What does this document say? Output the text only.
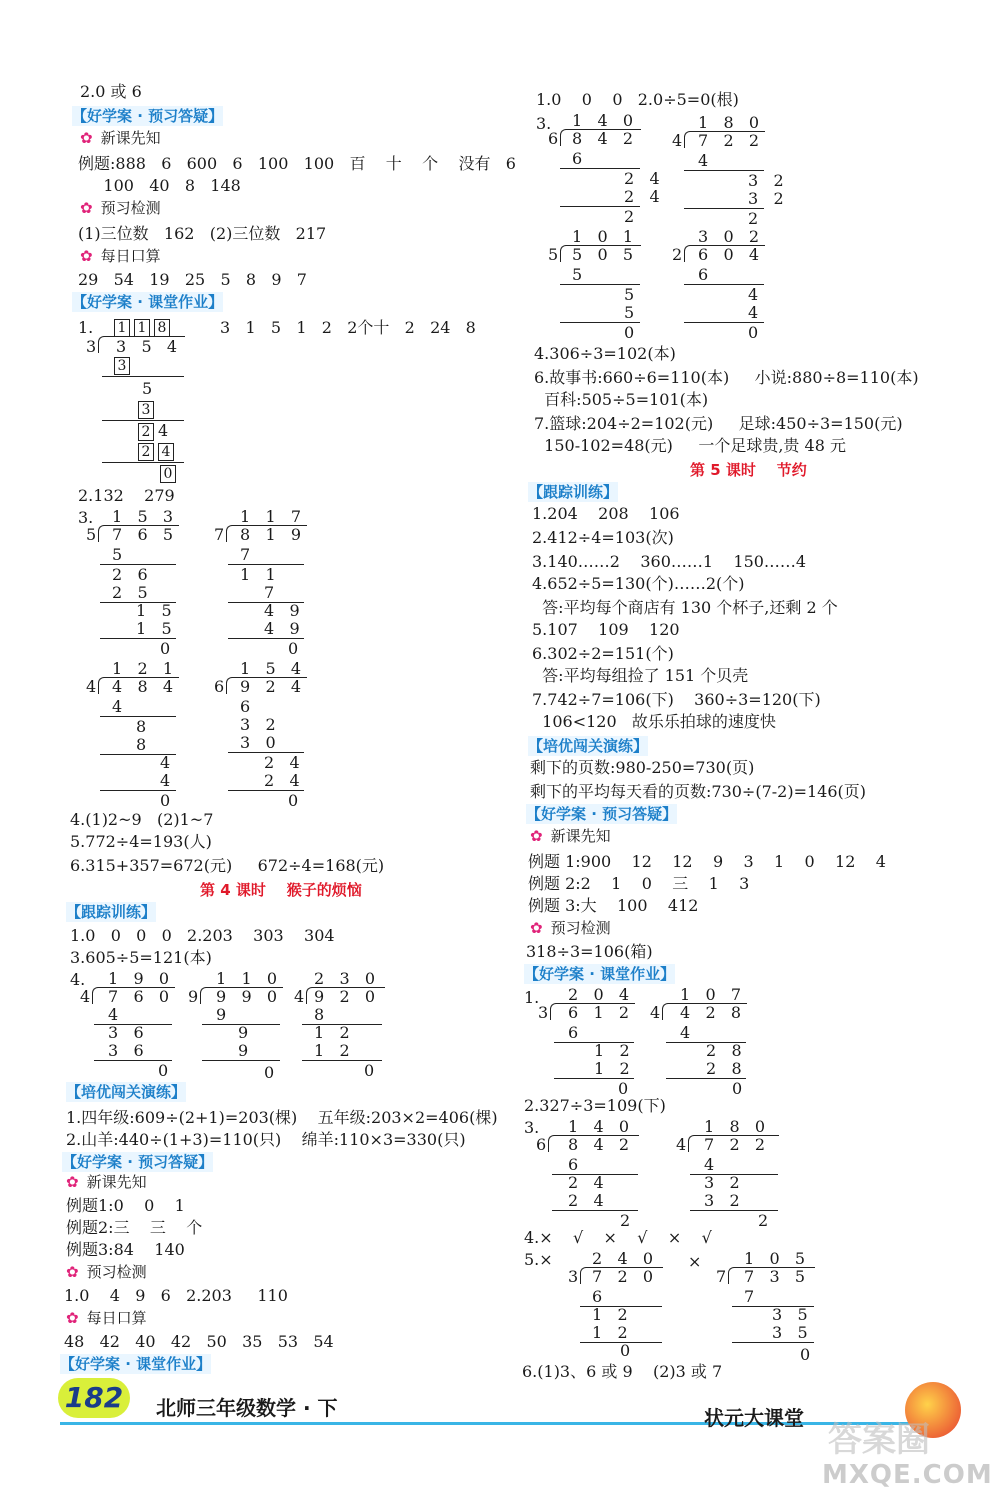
2.0 或 6
【好学案 · 预习答疑】
✿ 新课先知
例题:888   6   600   6   100   100   百    十    个    没有   6
100   40   8   148
✿ 预习检测
(1)三位数   162   (2)三位数   217
✿ 每日口算
29   54   19   25   5   8   9   7
【好学案 · 课堂作业】
1.	3   1   5   1   2   2个十   2   24   8
1 1 8
3 3   5   4
3
5
3
2 4
2 4
0
2.132    279
3. 1   5   3
5 7   6   5
5
2   6
2   5
1   5
1   5
0
1   1   7
7 8   1   9
7
1   1
7
4   9
4   9
0
1   2   1
4 4   8   4
4
8
8
4
4
0
1   5   4
6 9   2   4
6
3   2
3   0
2   4
2   4
0
4.(1)2~9   (2)1~7
5.772÷4=193(人)
6.315+357=672(元)     672÷4=168(元)
第 4 课时    猴子的烦恼
【跟踪训练】
1.0   0   0   0   2.203    303    304
3.605÷5=121(本)
4. 1   9   0
4 7   6   0
4
3   6
3   6
0
1   1   0
9 9   9   0
9
9
9
0
2   3   0
4 9   2   0
8
1   2
1   2
0
【培优闯关演练】
1.四年级:609÷(2+1)=203(棵)    五年级:203×2=406(棵)
2.山羊:440÷(1+3)=110(只)    绵羊:110×3=330(只)
【好学案 · 预习答疑】
✿ 新课先知
例题1:0    0    1
例题2:三    三    个
例题3:84    140
✿ 预习检测
1.0    4   9   6   2.203     110
✿ 每日口算
48   42   40   42   50   35   53   54
【好学案 · 课堂作业】
1.0    0    0   2.0÷5=0(根)
3. 1   4   0
6 8   4   2
6
2   4
2   4
2
1   8   0
4 7   2   2
4
3   2
3   2
2
1   0   1
5 5   0   5
5
5
5
0
3   0   2
2 6   0   4
6
4
4
0
4.306÷3=102(本)
6.故事书:660÷6=110(本)     小说:880÷8=110(本)
百科:505÷5=101(本)
7.篮球:204÷2=102(元)     足球:450÷3=150(元)
150-102=48(元)     一个足球贵,贵 48 元
第 5 课时    节约
【跟踪训练】
1.204    208    106
2.412÷4=103(次)
3.140……2    360……1    150……4
4.652÷5=130(个)……2(个)
答:平均每个商店有 130 个杯子,还剩 2 个
5.107    109    120
6.302÷2=151(个)
答:平均每组捡了 151 个贝壳
7.742÷7=106(下)    360÷3=120(下)
106<120   故乐乐拍球的速度快
【培优闯关演练】
剩下的页数:980-250=730(页)
剩下的平均每天看的页数:730÷(7-2)=146(页)
【好学案 · 预习答疑】
✿ 新课先知
例题 1:900    12    12    9    3    1    0    12    4
例题 2:2    1    0    三    1    3
例题 3:大    100    412
✿ 预习检测
318÷3=106(箱)
【好学案 · 课堂作业】
1. 2   0   4
3 6   1   2
6
1   2
1   2
0
1   0   7
4 4   2   8
4
2   8
2   8
0
2.327÷3=109(下)
3. 1   4   0
6 8   4   2
6
2   4
2   4
2
1   8   0
4 7   2   2
4
3   2
3   2
2
4.×    √    ×    √    ×    √
5.× 2   4   0
3 7   2   0
6
1   2
1   2
0
×	1   0   5
7 7   3   5
7
3   5
3   5
0
6.(1)3、6 或 9    (2)3 或 7
182	北师三年级数学 · 下	状元大课堂
答案圈
MXQE.COM
